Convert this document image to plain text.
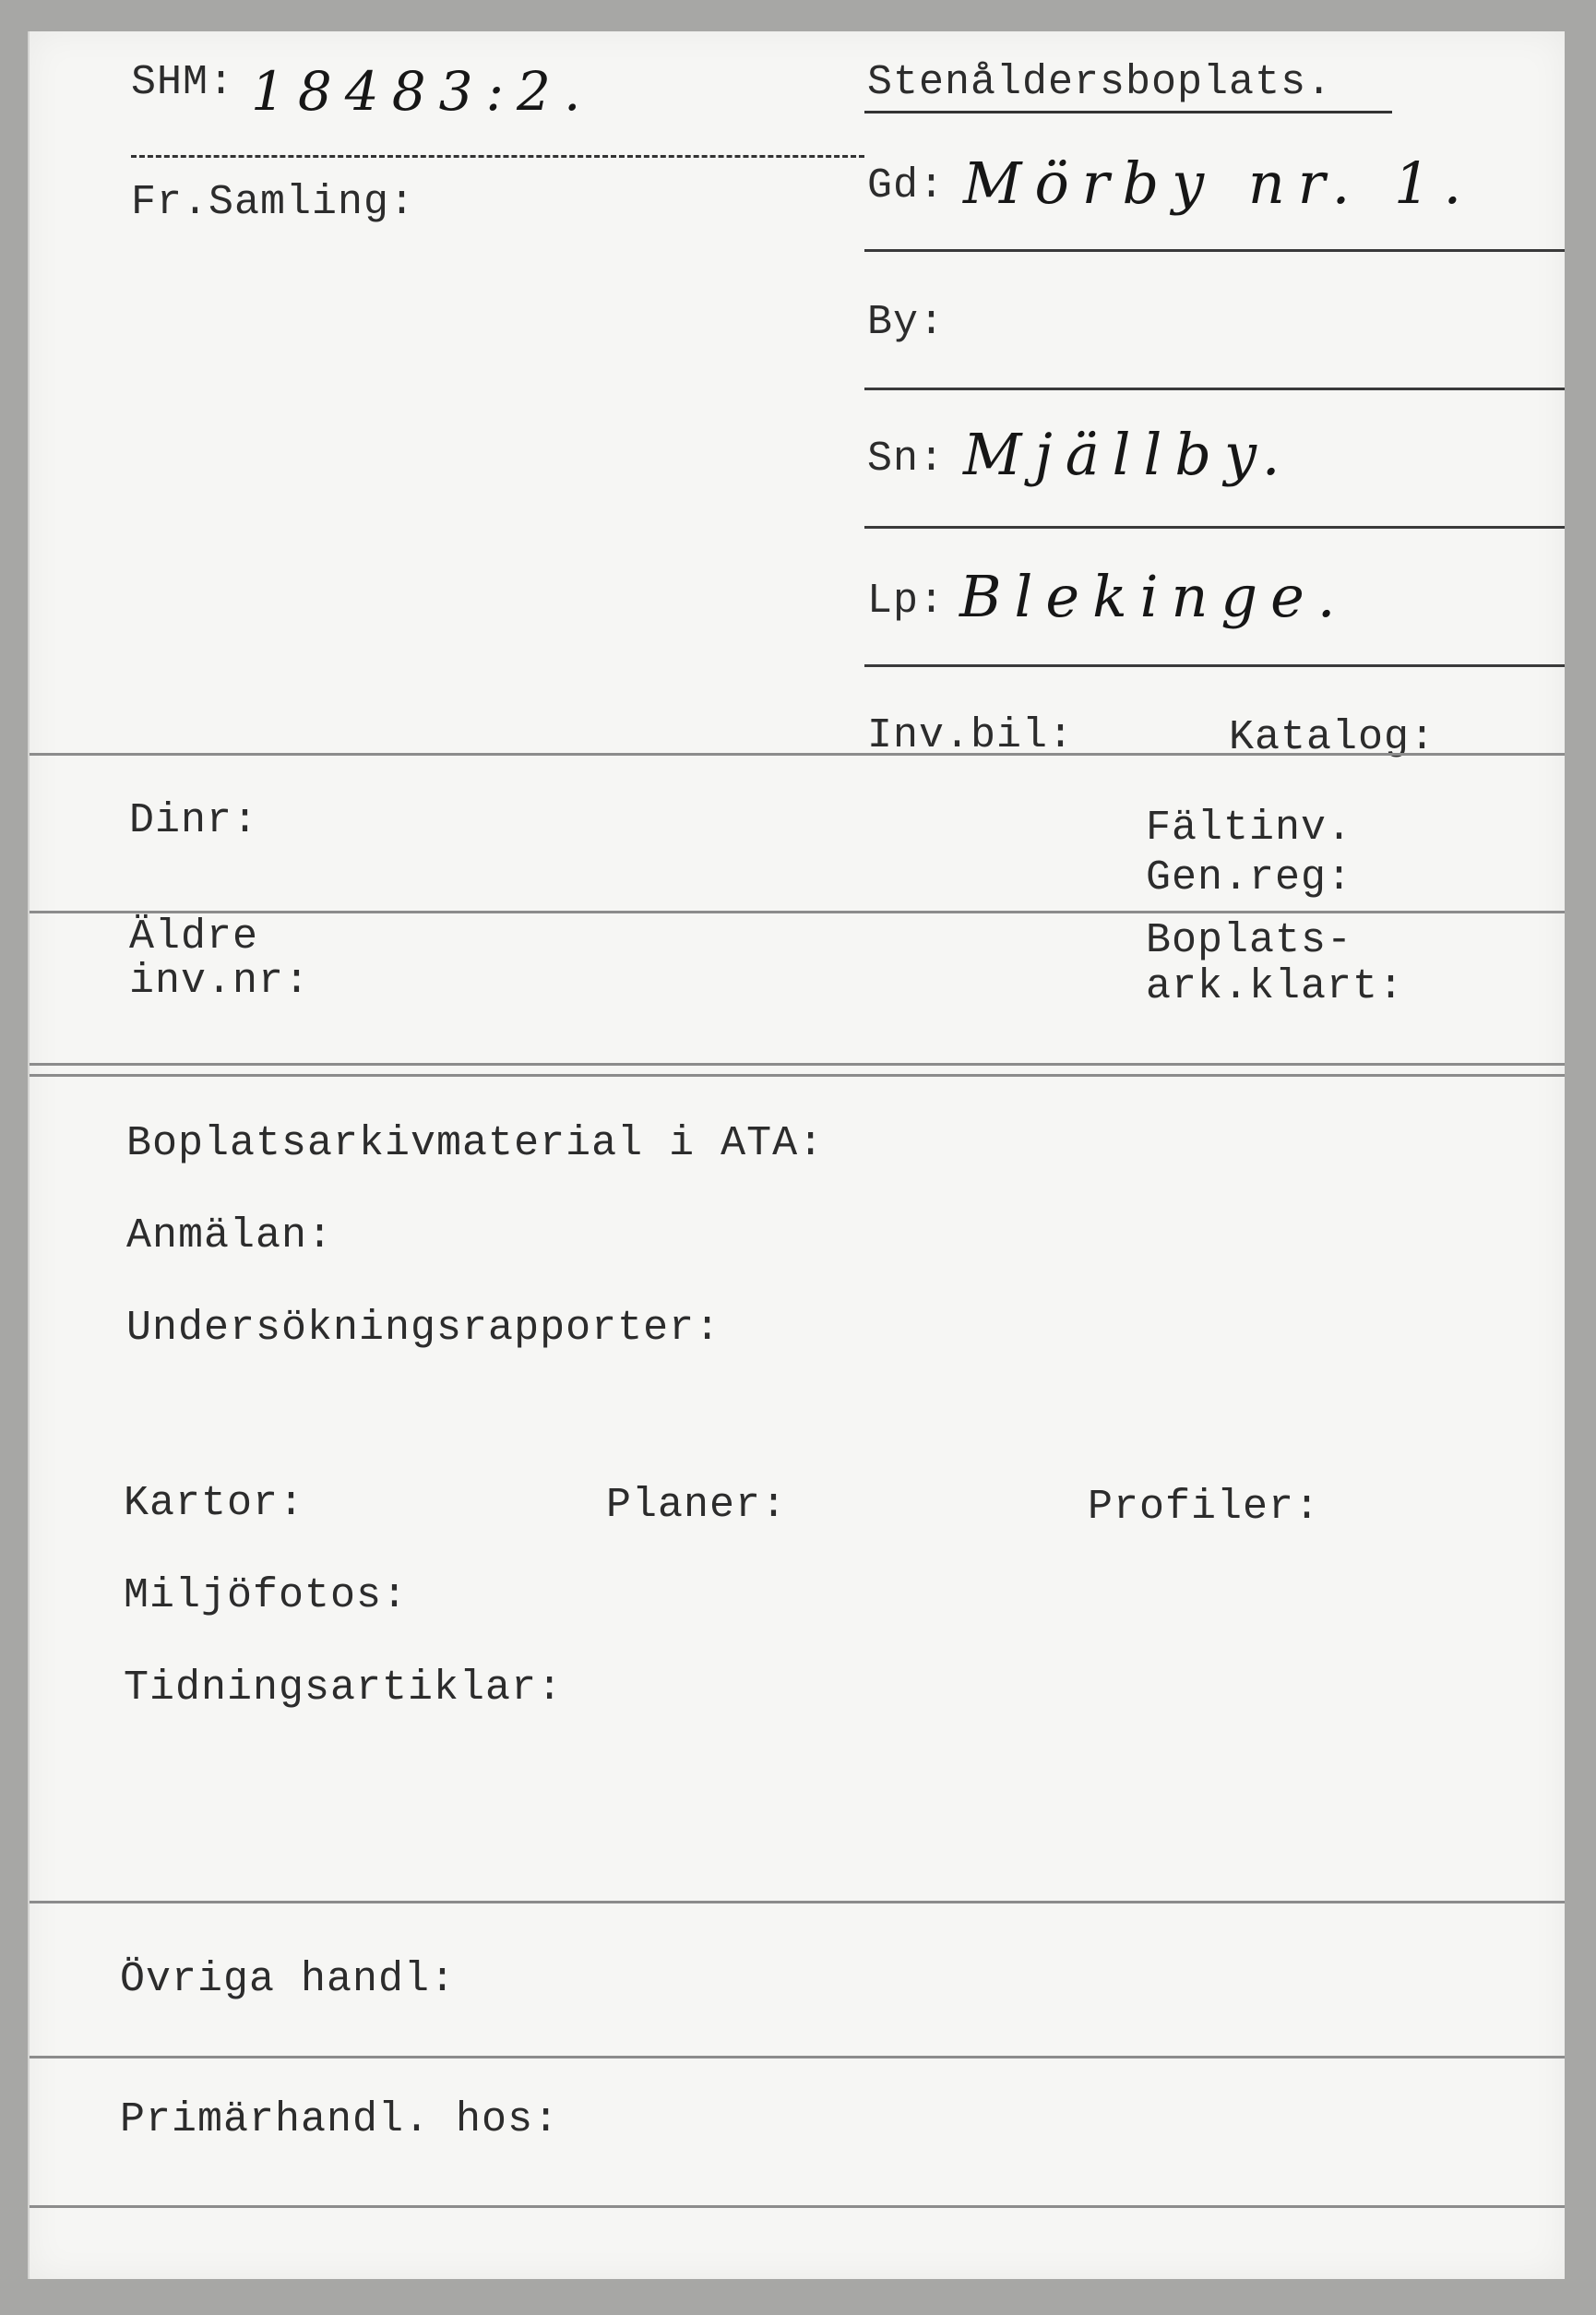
SHM: 18483:2.	Stenåldersboplats.
Fr.Samling:	Gd: Mörby nr. 1.
By:
Sn: Mjällby.
Lp: Blekinge.
Inv.bil:	Katalog:
Dinr:	Fältinv.
Gen.reg:
Äldre
inv.nr:
Boplats-
ark.klart:
Boplatsarkivmaterial i ATA:
Anmälan:
Undersökningsrapporter:
Kartor:	Planer:	Profiler:
Miljöfotos:
Tidningsartiklar:
Övriga handl:
Primärhandl. hos:
